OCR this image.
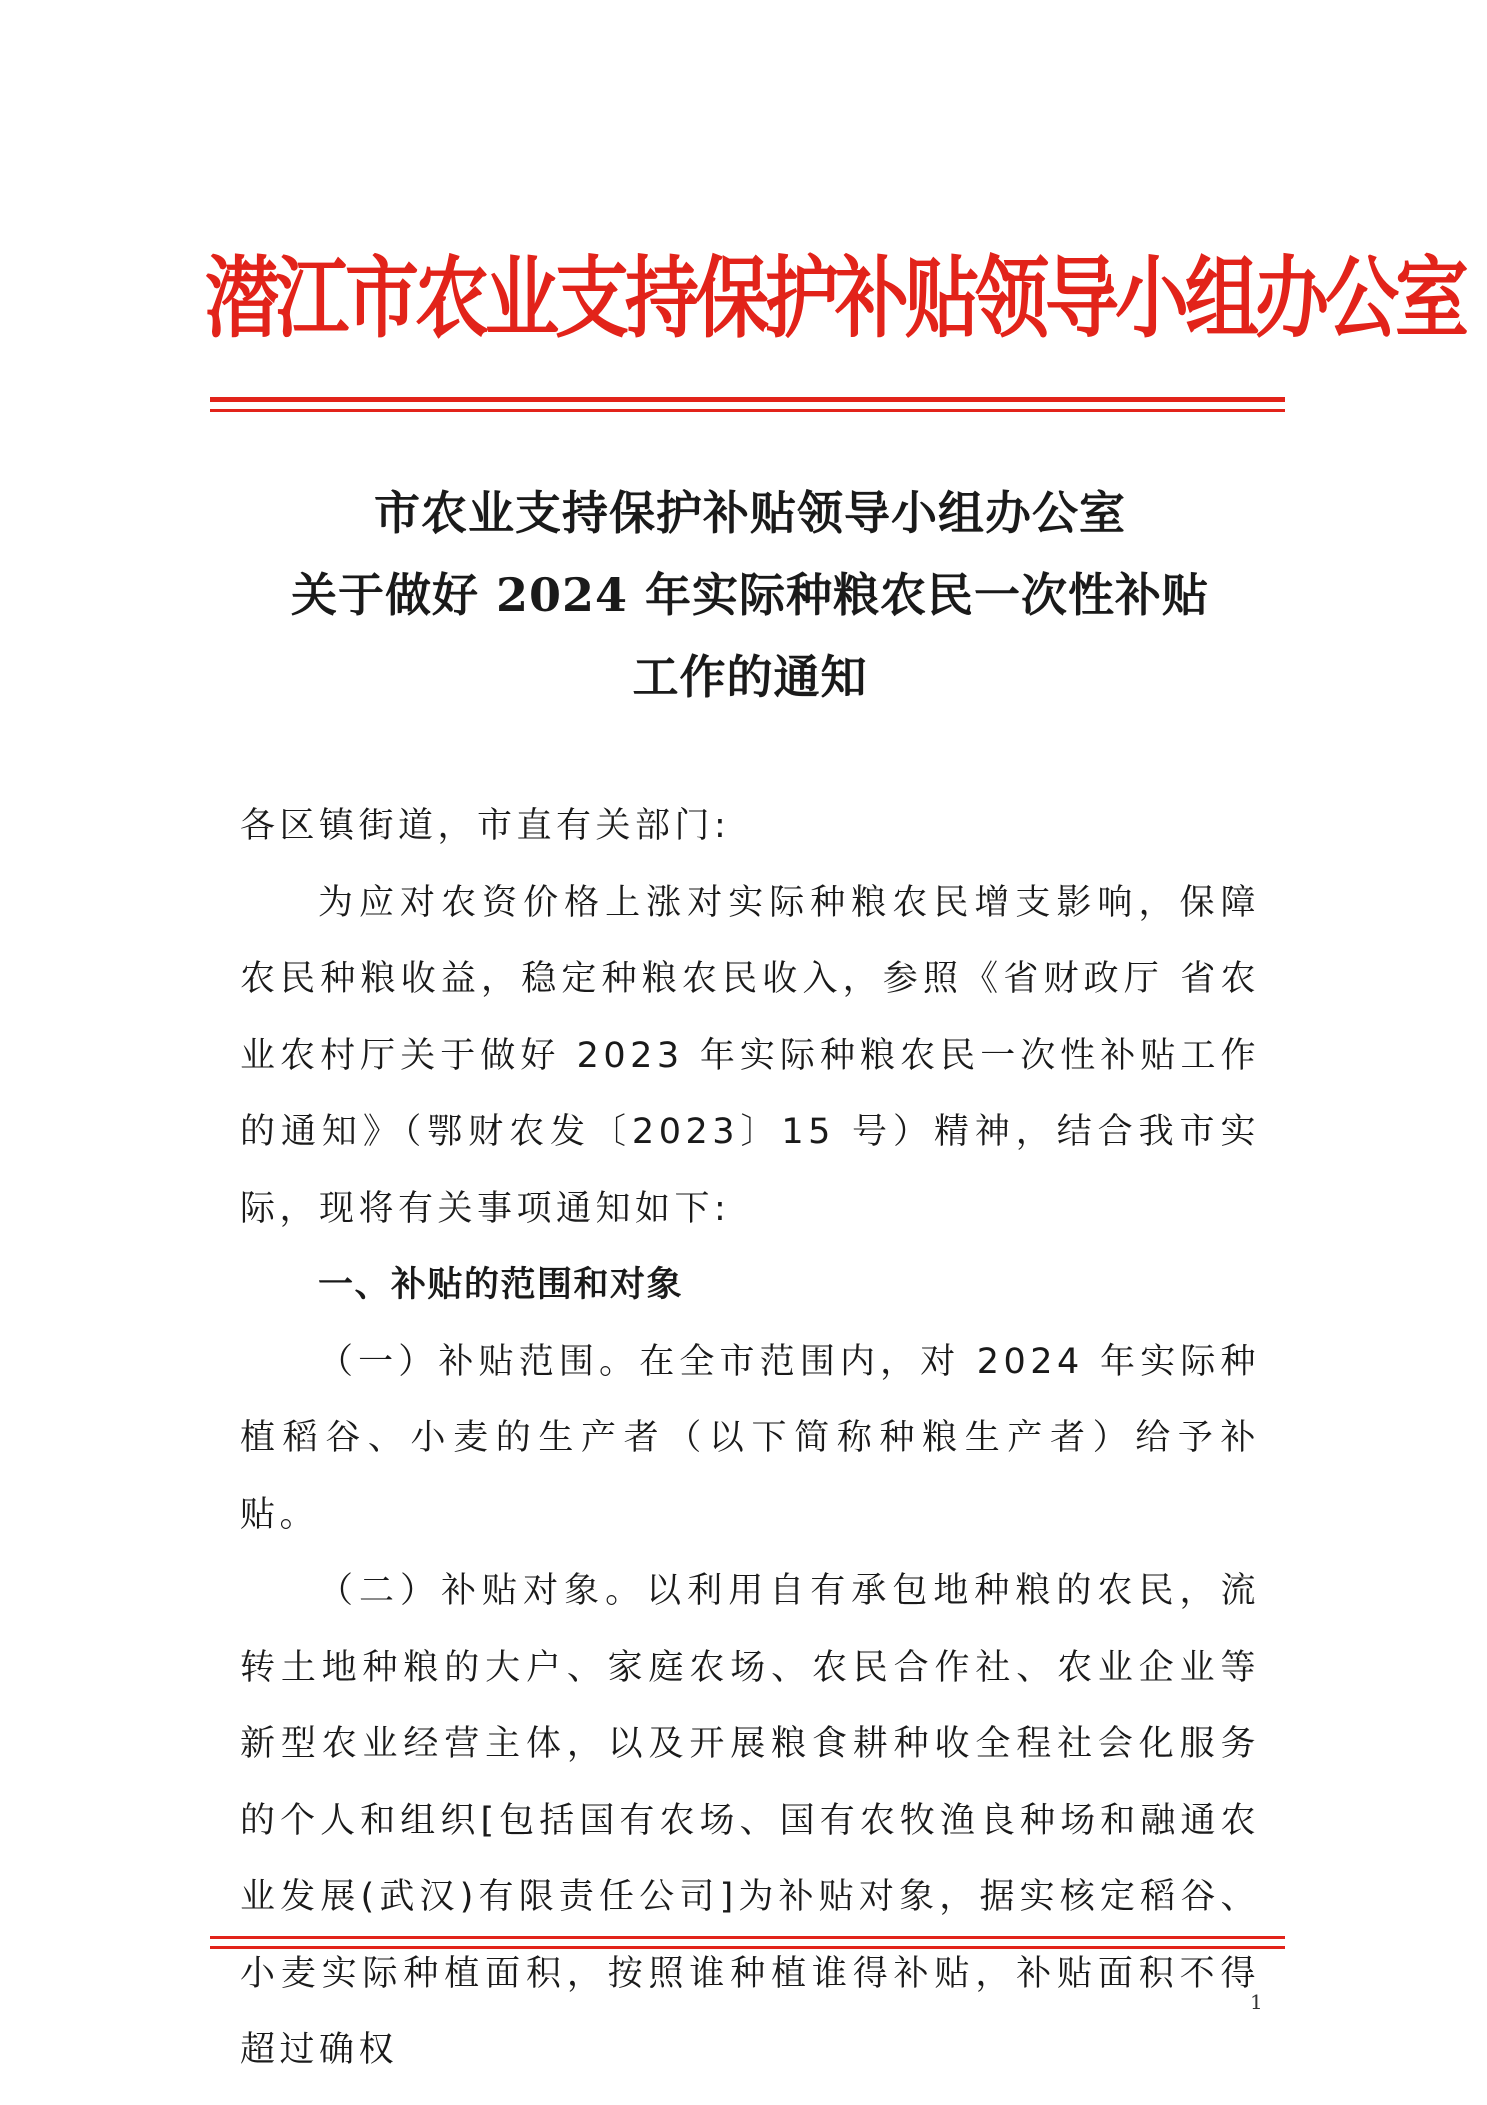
潜江市农业支持保护补贴领导小组办公室
市农业支持保护补贴领导小组办公室
关于做好 2024 年实际种粮农民一次性补贴
工作的通知

各区镇街道，市直有关部门:

为应对农资价格上涨对实际种粮农民增支影响，保障农民种粮收益，稳定种粮农民收入，参照《省财政厅 省农业农村厅关于做好 2023 年实际种粮农民一次性补贴工作的通知》（鄂财农发〔2023〕15 号）精神，结合我市实际，现将有关事项通知如下:

一、补贴的范围和对象

（一）补贴范围。在全市范围内，对 2024 年实际种植稻谷、小麦的生产者（以下简称种粮生产者）给予补贴。

（二）补贴对象。以利用自有承包地种粮的农民，流转土地种粮的大户、家庭农场、农民合作社、农业企业等新型农业经营主体，以及开展粮食耕种收全程社会化服务的个人和组织[包括国有农场、国有农牧渔良种场和融通农业发展(武汉)有限责任公司]为补贴对象，据实核定稻谷、小麦实际种植面积，按照谁种植谁得补贴，补贴面积不得超过确权

1
